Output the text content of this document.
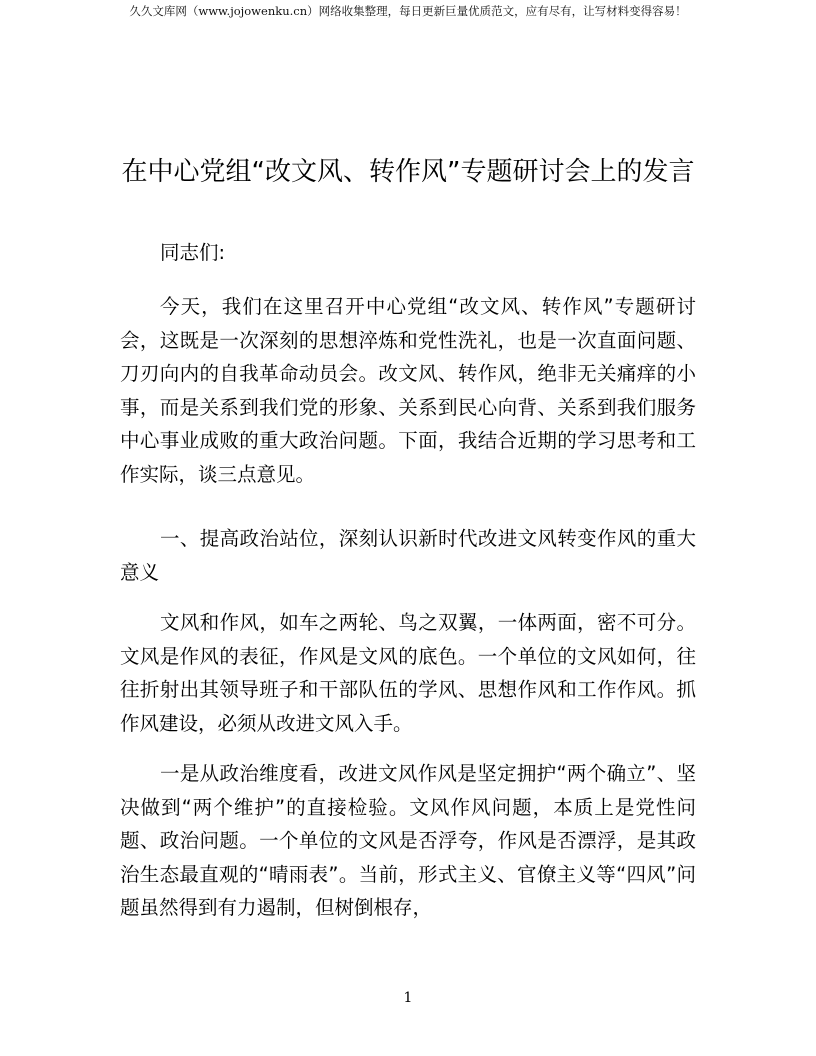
久久文库网（www.jojowenku.cn）网络收集整理，每日更新巨量优质范文，应有尽有，让写材料变得容易！
在中心党组“改文风、转作风”专题研讨会上的发言

同志们:

今天，我们在这里召开中心党组“改文风、转作风”专题研讨会，这既是一次深刻的思想淬炼和党性洗礼，也是一次直面问题、刀刃向内的自我革命动员会。改文风、转作风，绝非无关痛痒的小事，而是关系到我们党的形象、关系到民心向背、关系到我们服务中心事业成败的重大政治问题。下面，我结合近期的学习思考和工作实际，谈三点意见。

一、提高政治站位，深刻认识新时代改进文风转变作风的重大意义

文风和作风，如车之两轮、鸟之双翼，一体两面，密不可分。文风是作风的表征，作风是文风的底色。一个单位的文风如何，往往折射出其领导班子和干部队伍的学风、思想作风和工作作风。抓作风建设，必须从改进文风入手。

一是从政治维度看，改进文风作风是坚定拥护“两个确立”、坚决做到“两个维护”的直接检验。文风作风问题，本质上是党性问题、政治问题。一个单位的文风是否浮夸，作风是否漂浮，是其政治生态最直观的“晴雨表”。当前，形式主义、官僚主义等“四风”问题虽然得到有力遏制，但树倒根存，

1
